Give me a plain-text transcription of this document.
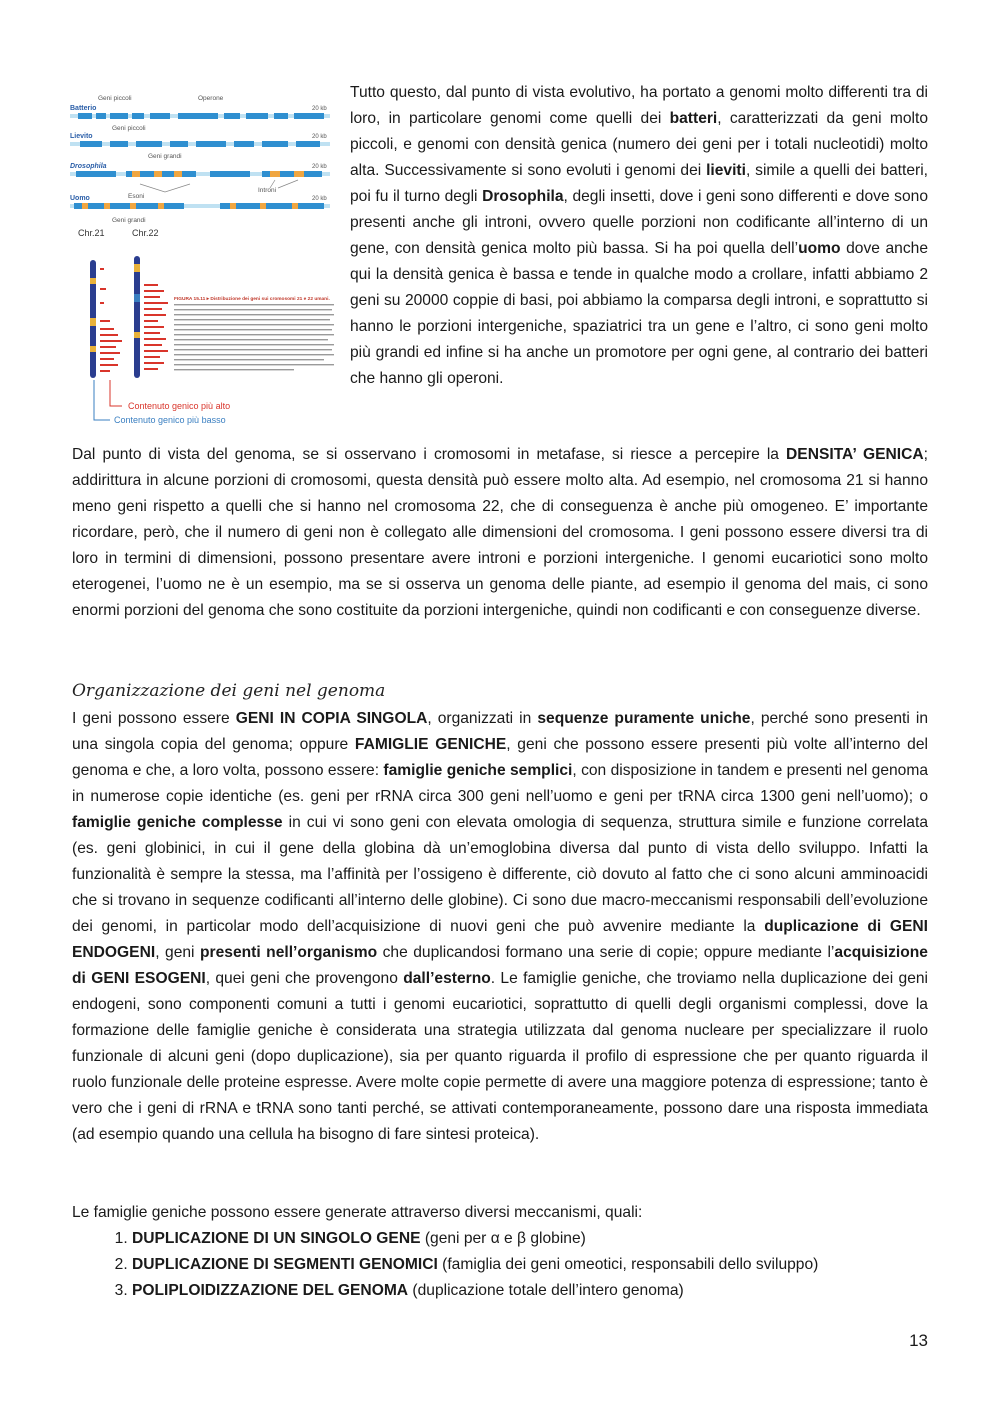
Batterio
Geni piccoli	Operone
20 kb
Lievito
Geni piccoli
20 kb
Drosophila
Geni grandi
20 kb
Esoni
Introni
Uomo	20 kb
Geni grandi
Chr.21	Chr.22
FIGURA 15.11 ▸ Distribuzione dei geni sui cromosomi 21 e 22 umani.
Contenuto genico più alto
Contenuto genico più basso

Tutto questo, dal punto di vista evolutivo, ha portato a genomi molto differenti tra di loro, in particolare genomi come quelli dei batteri, caratterizzati da geni molto piccoli, e genomi con densità genica (numero dei geni per i totali nucleotidi) molto alta. Successivamente si sono evoluti i genomi dei lieviti, simile a quelli dei batteri, poi fu il turno degli Drosophila, degli insetti, dove i geni sono differenti e dove sono presenti anche gli introni, ovvero quelle porzioni non codificante all’interno di un gene, con densità genica molto più bassa. Si ha poi quella dell’uomo dove anche qui la densità genica è bassa e tende in qualche modo a crollare, infatti abbiamo 2 geni su 20000 coppie di basi, poi abbiamo la comparsa degli introni, e soprattutto si hanno le porzioni intergeniche, spaziatrici tra un gene e l’altro, ci sono geni molto più grandi ed infine si ha anche un promotore per ogni gene, al contrario dei batteri che hanno gli operoni.

Dal punto di vista del genoma, se si osservano i cromosomi in metafase, si riesce a percepire la DENSITA’ GENICA; addirittura in alcune porzioni di cromosomi, questa densità può essere molto alta. Ad esempio, nel cromosoma 21 si hanno meno geni rispetto a quelli che si hanno nel cromosoma 22, che di conseguenza è anche più omogeneo. E’ importante ricordare, però, che il numero di geni non è collegato alle dimensioni del cromosoma. I geni possono essere diversi tra di loro in termini di dimensioni, possono presentare avere introni e porzioni intergeniche. I genomi eucariotici sono molto eterogenei, l’uomo ne è un esempio, ma se si osserva un genoma delle piante, ad esempio il genoma del mais, ci sono enormi porzioni del genoma che sono costituite da porzioni intergeniche, quindi non codificanti e con conseguenze diverse.

Organizzazione dei geni nel genoma

I geni possono essere GENI IN COPIA SINGOLA, organizzati in sequenze puramente uniche, perché sono presenti in una singola copia del genoma; oppure FAMIGLIE GENICHE, geni che possono essere presenti più volte all’interno del genoma e che, a loro volta, possono essere: famiglie geniche semplici, con disposizione in tandem e presenti nel genoma in numerose copie identiche (es. geni per rRNA circa 300 geni nell’uomo e geni per tRNA circa 1300 geni nell’uomo); o famiglie geniche complesse in cui vi sono geni con elevata omologia di sequenza, struttura simile e funzione correlata (es. geni globinici, in cui il gene della globina dà un’emoglobina diversa dal punto di vista dello sviluppo. Infatti la funzionalità è sempre la stessa, ma l’affinità per l’ossigeno è differente, ciò dovuto al fatto che ci sono alcuni amminoacidi che si trovano in sequenze codificanti all’interno delle globine). Ci sono due macro-meccanismi responsabili dell’evoluzione dei genomi, in particolar modo dell’acquisizione di nuovi geni che può avvenire mediante la duplicazione di GENI ENDOGENI, geni presenti nell’organismo che duplicandosi formano una serie di copie; oppure mediante l’acquisizione di GENI ESOGENI, quei geni che provengono dall’esterno. Le famiglie geniche, che troviamo nella duplicazione dei geni endogeni, sono componenti comuni a tutti i genomi eucariotici, soprattutto di quelli degli organismi complessi, dove la formazione delle famiglie geniche è considerata una strategia utilizzata dal genoma nucleare per specializzare il ruolo funzionale di alcuni geni (dopo duplicazione), sia per quanto riguarda il profilo di espressione che per quanto riguarda il ruolo funzionale delle proteine espresse. Avere molte copie permette di avere una maggiore potenza di espressione; tanto è vero che i geni di rRNA e tRNA sono tanti perché, se attivati contemporaneamente, possono dare una risposta immediata (ad esempio quando una cellula ha bisogno di fare sintesi proteica).

Le famiglie geniche possono essere generate attraverso diversi meccanismi, quali:
1. DUPLICAZIONE DI UN SINGOLO GENE (geni per α e β globine)
2. DUPLICAZIONE DI SEGMENTI GENOMICI (famiglia dei geni omeotici, responsabili dello sviluppo)
3. POLIPLOIDIZZAZIONE DEL GENOMA (duplicazione totale dell’intero genoma)
13
